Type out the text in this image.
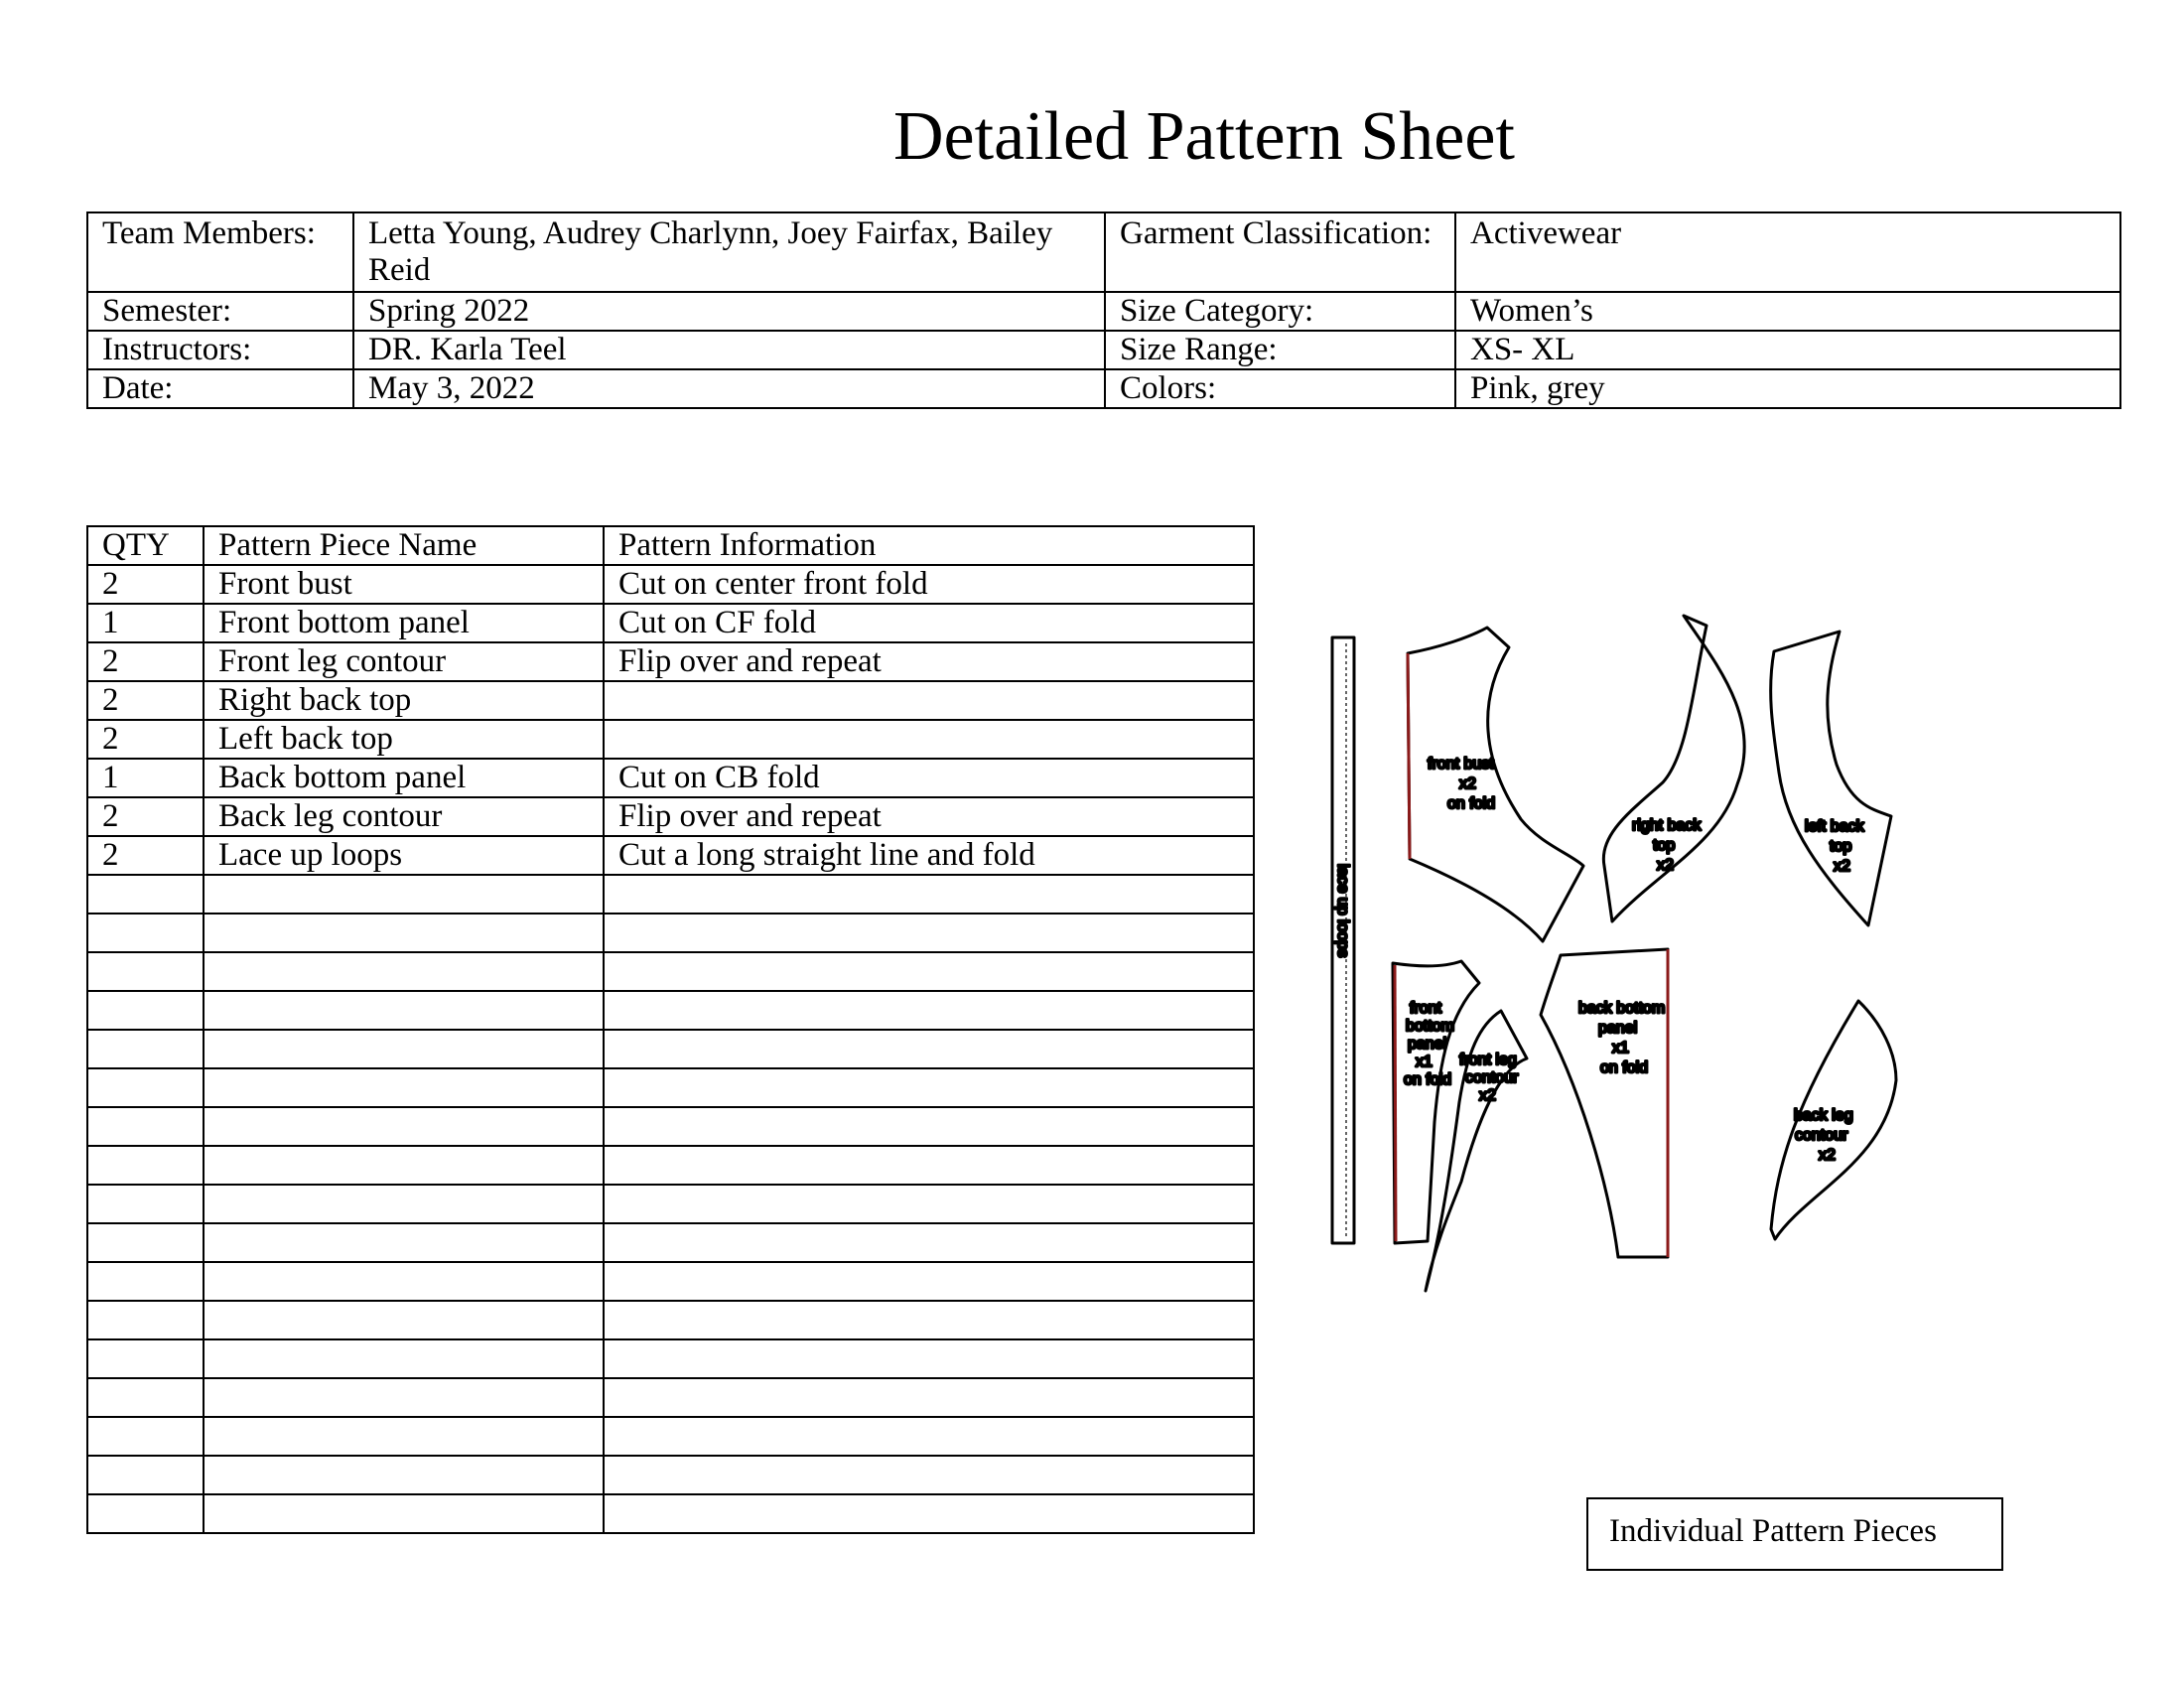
Detailed Pattern Sheet
Team Members:	Letta Young, Audrey Charlynn, Joey Fairfax, Bailey Reid	Garment Classification:	Activewear
Semester:	Spring 2022	Size Category:	Women’s
Instructors:	DR. Karla Teel	Size Range:	XS- XL
Date:	May 3, 2022	Colors:	Pink, grey
QTY	Pattern Piece Name	Pattern Information
2	Front bust	Cut on center front fold
1	Front bottom panel	Cut on CF fold
2	Front leg contour	Flip over and repeat
2	Right back top	
2	Left back top	
1	Back bottom panel	Cut on CB fold
2	Back leg contour	Flip over and repeat
2	Lace up loops	Cut a long straight line and fold

lace up loops
front bust
x2
on fold
right back
top
x2
left back
top
x2
front
bottom
panel
x1
on fold
front leg
contour
x2
back bottom
panel
x1
on fold
back leg
contour
x2
Individual Pattern Pieces
